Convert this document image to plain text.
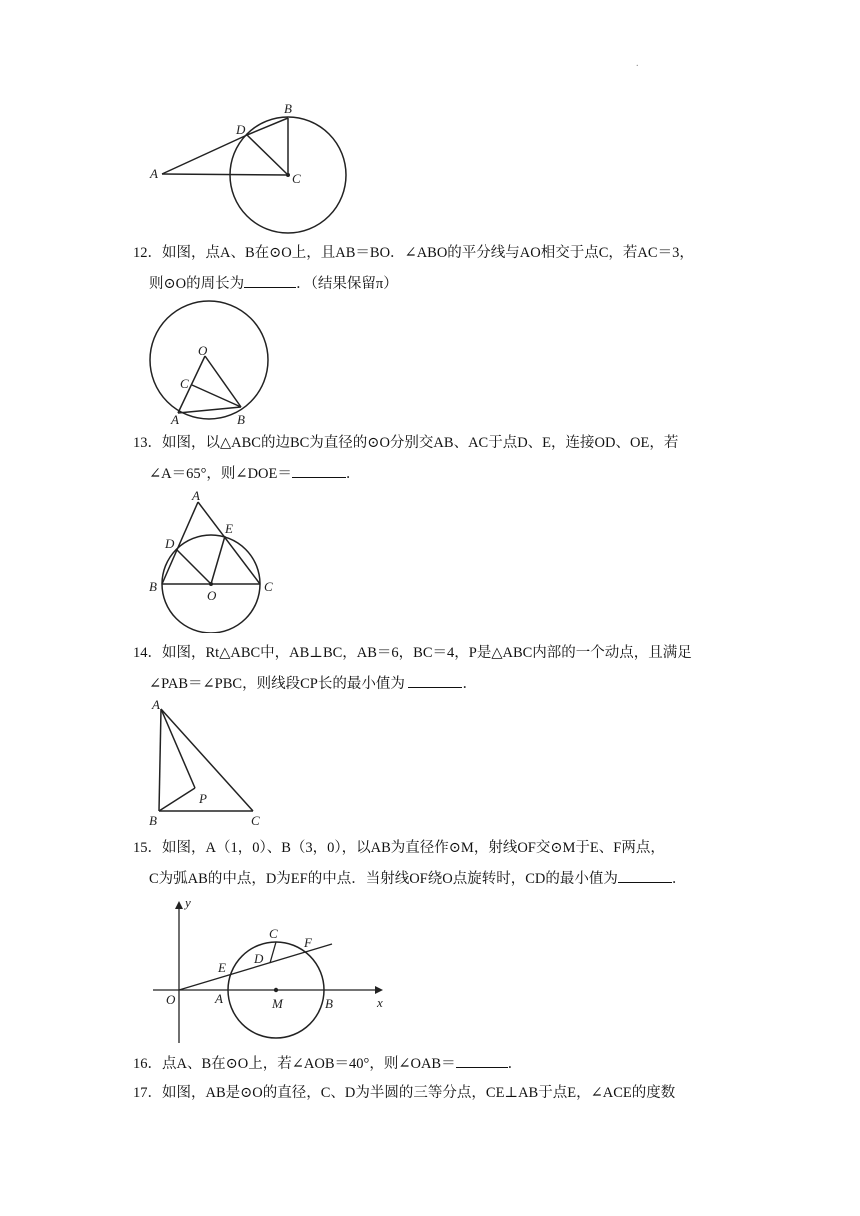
.
A
B
C
D

12．如图，点A、B在⊙O上，且AB＝BO．∠ABO的平分线与AO相交于点C，若AC＝3，

则⊙O的周长为	．（结果保留π）

O
C
A	B

13．如图，以△ABC的边BC为直径的⊙O分别交AB、AC于点D、E，连接OD、OE，若

∠A＝65°，则∠DOE＝	．

A
D
E
B
O
C

14．如图，Rt△ABC中，AB⊥BC，AB＝6，BC＝4，P是△ABC内部的一个动点，且满足

∠PAB＝∠PBC，则线段CP长的最小值为	．

A
P
B	C

15．如图，A（1，0）、B（3，0），以AB为直径作⊙M，射线OF交⊙M于E、F两点，

C为弧AB的中点，D为EF的中点．当射线OF绕O点旋转时，CD的最小值为	．

y
x
O	A	M	B
C
D
E
F

16．点A、B在⊙O上，若∠AOB＝40°，则∠OAB＝	．

17．如图，AB是⊙O的直径，C、D为半圆的三等分点，CE⊥AB于点E，∠ACE的度数
